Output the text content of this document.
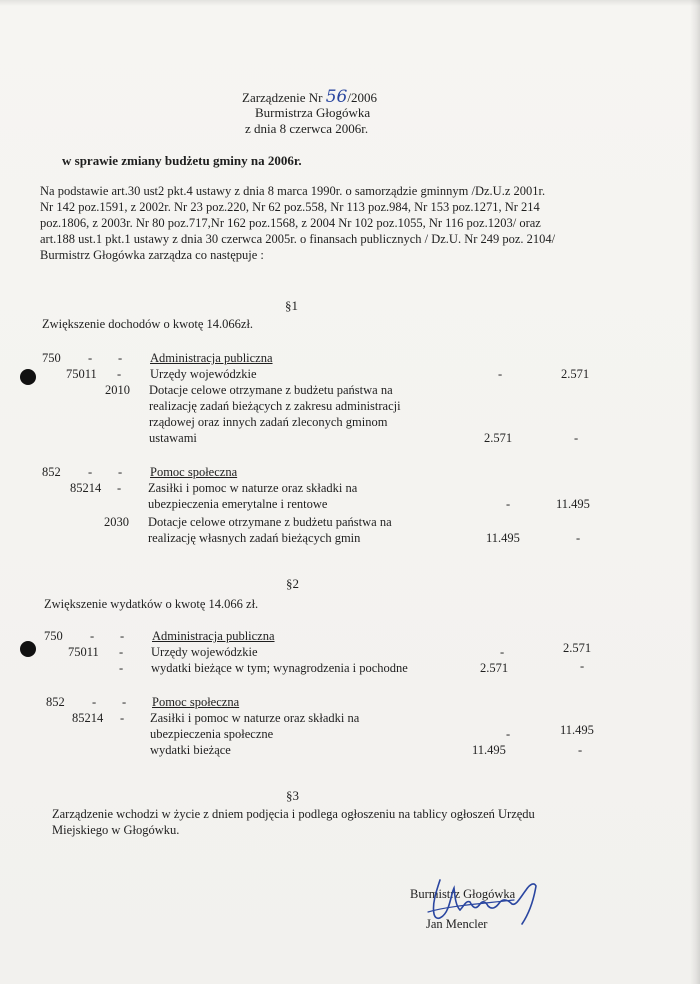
Zarządzenie Nr 56/2006
Burmistrza Głogówka
z dnia 8 czerwca 2006r.
w sprawie zmiany budżetu gminy na 2006r.
Na podstawie art.30 ust2 pkt.4 ustawy z dnia 8 marca 1990r. o samorządzie gminnym /Dz.U.z 2001r.
Nr 142 poz.1591, z 2002r. Nr 23 poz.220, Nr 62 poz.558, Nr 113 poz.984, Nr 153 poz.1271, Nr 214
poz.1806, z 2003r. Nr 80 poz.717,Nr 162 poz.1568, z 2004 Nr 102 poz.1055, Nr 116 poz.1203/ oraz
art.188 ust.1 pkt.1 ustawy z dnia 30 czerwca 2005r. o finansach publicznych / Dz.U. Nr 249 poz. 2104/
Burmistrz Głogówka zarządza co następuje :
§1
Zwiększenie dochodów o kwotę 14.066zł.
750 - - Administracja publiczna
75011 - Urzędy wojewódzkie	-	2.571
2010 Dotacje celowe otrzymane z budżetu państwa na
realizację zadań bieżących z zakresu administracji
rządowej oraz innych zadań zleconych gminom
ustawami	2.571	-
852 - - Pomoc społeczna
85214 - Zasiłki i pomoc w naturze oraz składki na
ubezpieczenia emerytalne i rentowe	-	11.495
2030 Dotacje celowe otrzymane z budżetu państwa na
realizację własnych zadań bieżących gmin	11.495	-
§2
Zwiększenie wydatków o kwotę 14.066 zł.
750 - - Administracja publiczna
75011 - Urzędy wojewódzkie	-	2.571
- wydatki bieżące w tym; wynagrodzenia i pochodne	2.571	-
852 - - Pomoc społeczna
85214 - Zasiłki i pomoc w naturze oraz składki na
ubezpieczenia społeczne	-	11.495
wydatki bieżące	11.495	-
§3
Zarządzenie wchodzi w życie z dniem podjęcia i podlega ogłoszeniu na tablicy ogłoszeń Urzędu
Miejskiego w Głogówku.
Burmistrz Głogówka
Jan Mencler
